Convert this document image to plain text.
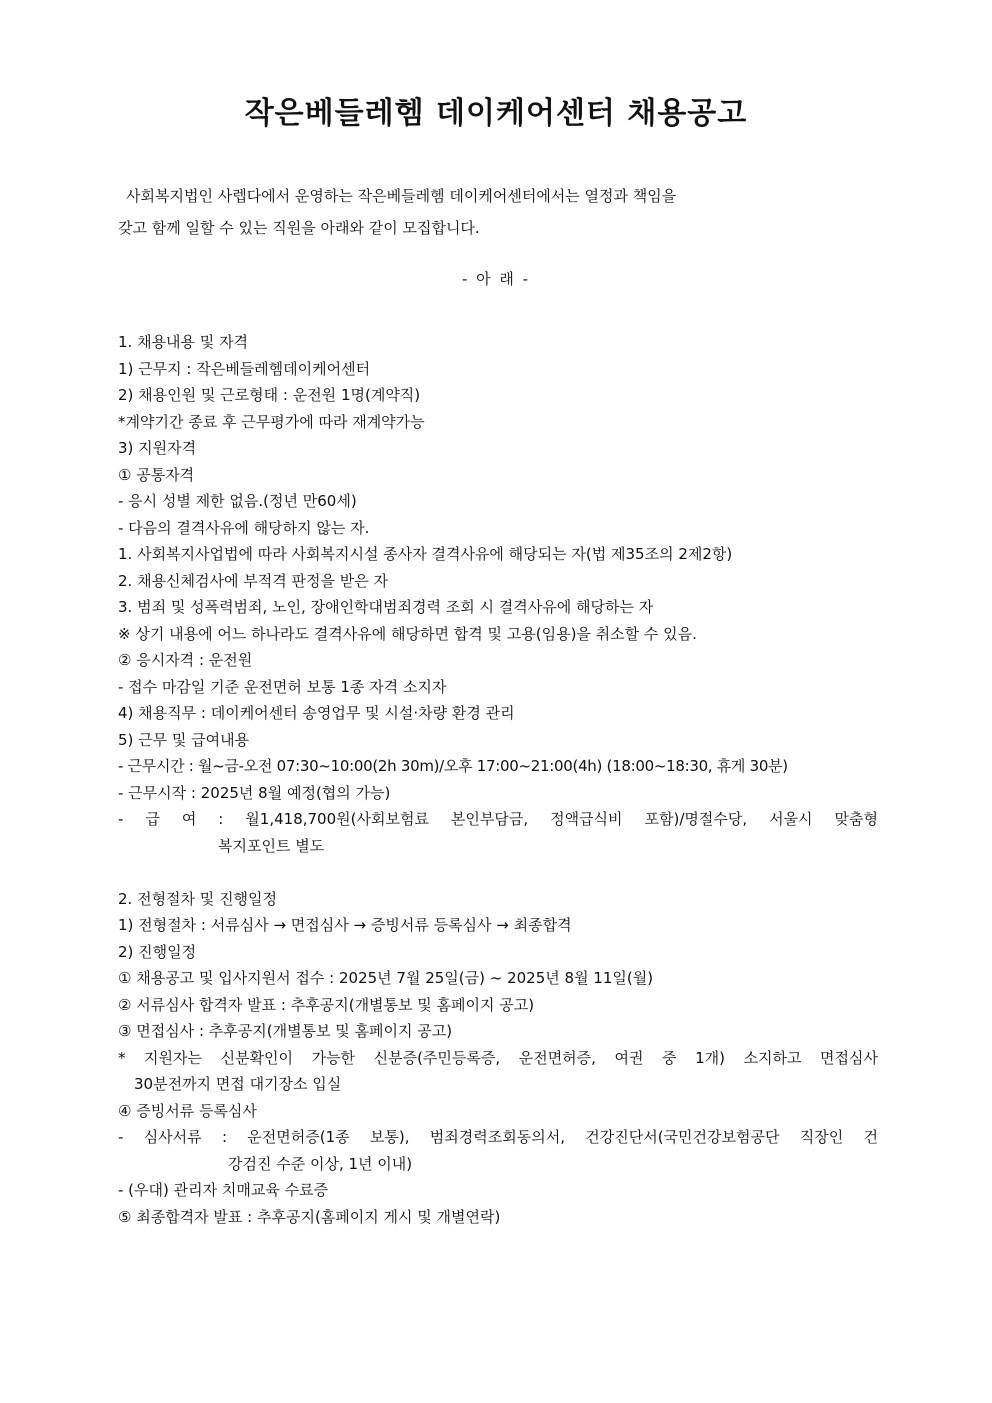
작은베들레헴 데이케어센터 채용공고

사회복지법인 사렙다에서 운영하는 작은베들레헴 데이케어센터에서는 열정과 책임을
갖고 함께 일할 수 있는 직원을 아래와 같이 모집합니다.

- 아 래 -
1. 채용내용 및 자격
1) 근무지 : 작은베들레헴데이케어센터
2) 채용인원 및 근로형태 : 운전원 1명(계약직)
*계약기간 종료 후 근무평가에 따라 재계약가능
3) 지원자격
① 공통자격
- 응시 성별 제한 없음.(정년 만60세)
- 다음의 결격사유에 해당하지 않는 자.
1. 사회복지사업법에 따라 사회복지시설 종사자 결격사유에 해당되는 자(법 제35조의 2제2항)
2. 채용신체검사에 부적격 판정을 받은 자
3. 범죄 및 성폭력범죄, 노인, 장애인학대범죄경력 조회 시 결격사유에 해당하는 자
※ 상기 내용에 어느 하나라도 결격사유에 해당하면 합격 및 고용(임용)을 취소할 수 있음.
② 응시자격 : 운전원
- 접수 마감일 기준 운전면허 보통 1종 자격 소지자
4) 채용직무 : 데이케어센터 송영업무 및 시설·차량 환경 관리
5) 근무 및 급여내용
- 근무시간 : 월~금-오전 07:30~10:00(2h 30m)/오후 17:00~21:00(4h) (18:00~18:30, 휴게 30분)
- 근무시작 : 2025년 8월 예정(협의 가능)
- 급 여 : 월1,418,700원(사회보험료 본인부담금, 정액급식비 포함)/명절수당, 서울시 맞춤형
복지포인트 별도
2. 전형절차 및 진행일정
1) 전형절차 : 서류심사 → 면접심사 → 증빙서류 등록심사 → 최종합격
2) 진행일정
① 채용공고 및 입사지원서 접수 : 2025년 7월 25일(금) ~ 2025년 8월 11일(월)
② 서류심사 합격자 발표 : 추후공지(개별통보 및 홈페이지 공고)
③ 면접심사 : 추후공지(개별통보 및 홈페이지 공고)
* 지원자는 신분확인이 가능한 신분증(주민등록증, 운전면허증, 여권 중 1개) 소지하고 면접심사
30분전까지 면접 대기장소 입실
④ 증빙서류 등록심사
- 심사서류 : 운전면허증(1종 보통), 범죄경력조회동의서, 건강진단서(국민건강보험공단 직장인 건
강검진 수준 이상, 1년 이내)
- (우대) 관리자 치매교육 수료증
⑤ 최종합격자 발표 : 추후공지(홈페이지 게시 및 개별연락)
